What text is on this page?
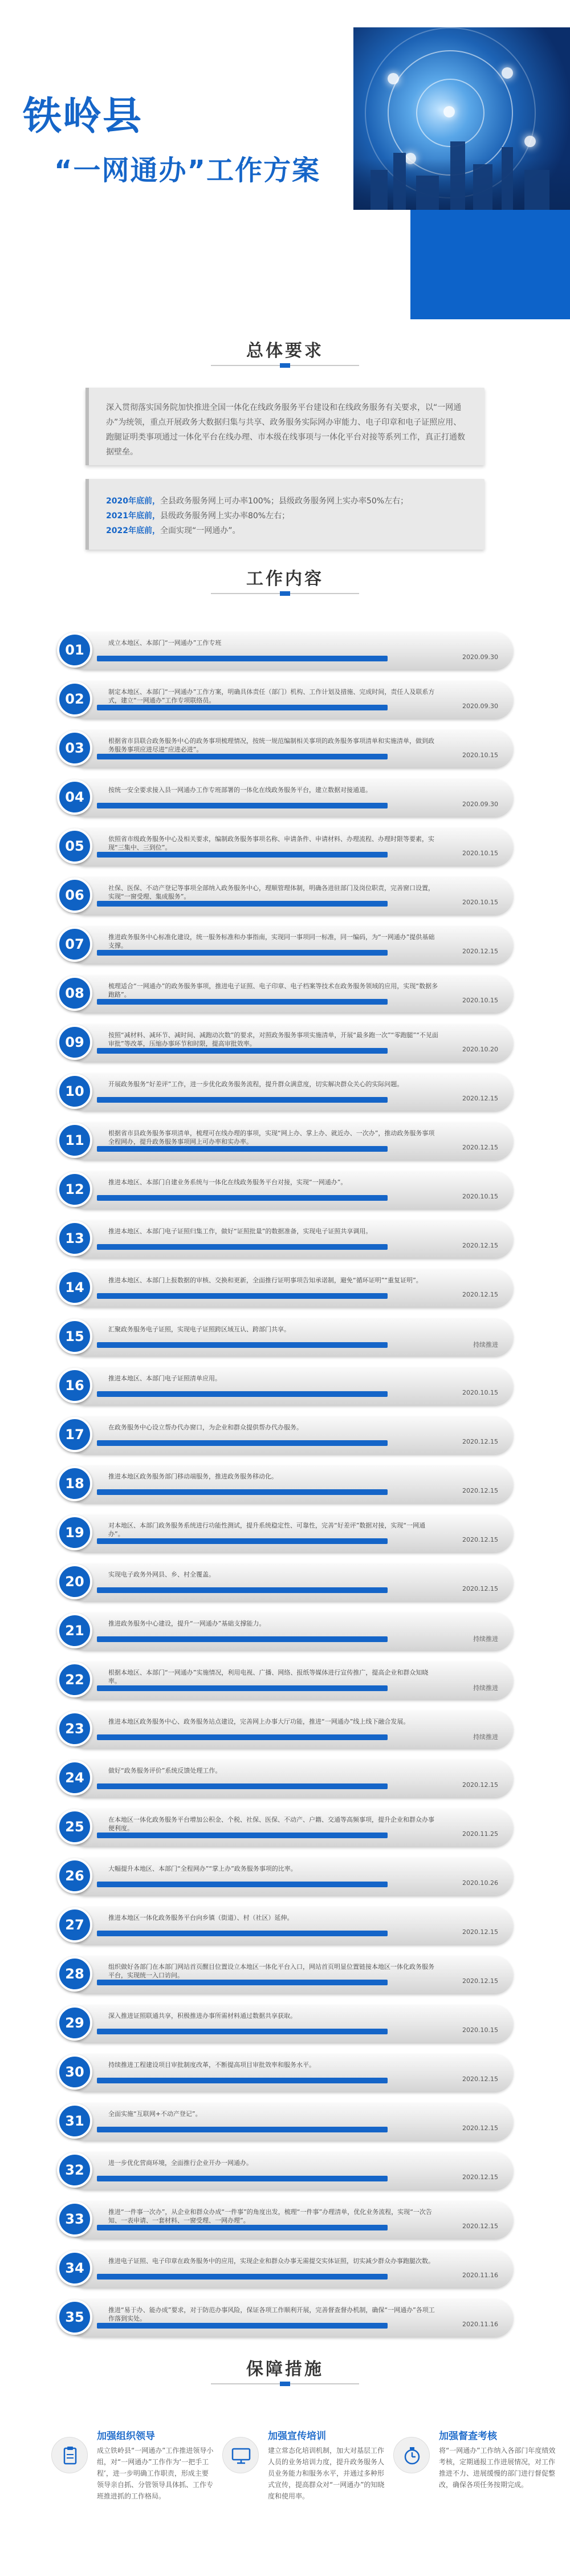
铁岭县
“一网通办”工作方案
总体要求
深入贯彻落实国务院加快推进全国一体化在线政务服务平台建设和在线政务服务有关要求，以“一网通办”为统领，重点开展政务大数据归集与共享、政务服务实际网办审能力、电子印章和电子证照应用、跑腿证明类事项通过一体化平台在线办理、市本级在线事项与一体化平台对接等系列工作，真正打通数据壁垒。
2020年底前，全县政务服务网上可办率100%；县级政务服务网上实办率50%左右；
2021年底前，县级政务服务网上实办率80%左右；
2022年底前，全面实现“一网通办”。
工作内容
01	成立本地区、本部门“一网通办”工作专班
2020.09.30
02	制定本地区、本部门“一网通办”工作方案，明确具体责任（部门）机构、工作计划及措施、完成时间，责任人及联系方式，建立“一网通办”工作专项联络员。
2020.09.30
03	根据省市县联合政务服务中心的政务事项梳理情况，按统一规范编制相关事项的政务服务事项清单和实施清单，做到政务服务事项应进尽进“应进必进”。
2020.10.15
04	按统一安全要求接入县一网通办工作专班部署的一体化在线政务服务平台，建立数据对接通道。
2020.09.30
05	依照省市级政务服务中心及相关要求，编制政务服务事项名称、申请条件、申请材料、办理流程、办理时限等要素，实现“三集中、三到位”。
2020.10.15
06	社保、医保、不动产登记等事项全部纳入政务服务中心，理顺管理体制，明确各进驻部门及岗位职责，完善窗口设置，实现“一窗受理、集成服务”。
2020.10.15
07	推进政务服务中心标准化建设，统一服务标准和办事指南，实现同一事项同一标准，同一编码，为“一网通办”提供基础支撑。
2020.12.15
08	梳理适合“一网通办”的政务服务事项，推进电子证照、电子印章、电子档案等技术在政务服务领域的应用，实现“数据多跑路”。
2020.10.15
09	按照“减材料、减环节、减时间、减跑动次数”的要求，对照政务服务事项实施清单，开展“最多跑一次”“零跑腿”“不见面审批”等改革，压缩办事环节和时限，提高审批效率。
2020.10.20
10	开展政务服务“好差评”工作，进一步优化政务服务流程，提升群众满意度，切实解决群众关心的实际问题。
2020.12.15
11	根据省市县政务服务事项清单，梳理可在线办理的事项，实现“网上办、掌上办、就近办、一次办”，推动政务服务事项全程网办，提升政务服务事项网上可办率和实办率。
2020.12.15
12	推进本地区、本部门自建业务系统与一体化在线政务服务平台对接，实现“一网通办”。
2020.10.15
13	推进本地区、本部门电子证照归集工作，做好“证照批量”的数据准备，实现电子证照共享调用。
2020.12.15
14	推进本地区、本部门上报数据的审核、交换和更新，全面推行证明事项告知承诺制，避免“循环证明”“重复证明”。
2020.12.15
15	汇聚政务服务电子证照，实现电子证照跨区域互认、跨部门共享。
持续推进
16	推进本地区、本部门电子证照清单应用。
2020.10.15
17	在政务服务中心设立帮办代办窗口，为企业和群众提供帮办代办服务。
2020.12.15
18	推进本地区政务服务部门移动端服务，推进政务服务移动化。
2020.12.15
19	对本地区、本部门政务服务系统进行功能性测试，提升系统稳定性、可靠性，完善“好差评”数据对接，实现“一网通办”。
2020.12.15
20	实现电子政务外网县、乡、村全覆盖。
2020.12.15
21	推进政务服务中心建设，提升“一网通办”基础支撑能力。
持续推进
22	根据本地区、本部门“一网通办”实施情况，利用电视、广播、网络、报纸等媒体进行宣传推广，提高企业和群众知晓率。
持续推进
23	推进本地区政务服务中心、政务服务站点建设，完善网上办事大厅功能，推进“一网通办”线上线下融合发展。
持续推进
24	做好“政务服务评价”系统反馈处理工作。
2020.12.15
25	在本地区一体化政务服务平台增加公积金、个税、社保、医保、不动产、户籍、交通等高频事项，提升企业和群众办事便利度。
2020.11.25
26	大幅提升本地区、本部门“全程网办”“掌上办”政务服务事项的比率。
2020.10.26
27	推进本地区一体化政务服务平台向乡镇（街道）、村（社区）延伸。
2020.12.15
28	组织做好各部门在本部门网站首页醒目位置设立本地区一体化平台入口，网站首页明显位置链接本地区一体化政务服务平台，实现统一入口访问。
2020.12.15
29	深入推进证照联通共享，积极推进办事所需材料通过数据共享获取。
2020.10.15
30	持续推进工程建设项目审批制度改革，不断提高项目审批效率和服务水平。
2020.12.15
31	全面实施“互联网+不动产登记”。
2020.12.15
32	进一步优化营商环境，全面推行企业开办一网通办。
2020.12.15
33	推进“一件事一次办”，从企业和群众办成“一件事”的角度出发，梳理“一件事”办理清单，优化业务流程，实现“一次告知、一表申请、一套材料、一窗受理、一网办理”。
2020.12.15
34	推进电子证照、电子印章在政务服务中的应用，实现企业和群众办事无需提交实体证照，切实减少群众办事跑腿次数。
2020.11.16
35	推进“易于办、能办成”要求，对于防范办事风险，保证各项工作顺利开展，完善督查督办机制，确保“一网通办”各项工作落到实处。
2020.11.16
保障措施
加强组织领导
成立铁岭县“一网通办”工作推进领导小组，对“一网通办”工作作为‘一把手工程’，进一步明确工作职责，形成主要领导亲自抓、分管领导具体抓、工作专班推进抓的工作格局。
加强宣传培训
建立常态化培训机制，加大对基层工作人员的业务培训力度，提升政务服务人员业务能力和服务水平，并通过多种形式宣传，提高群众对“一网通办”的知晓度和使用率。
加强督查考核
将“一网通办”工作纳入各部门年度绩效考核，定期通报工作进展情况，对工作推进不力、进展缓慢的部门进行督促整改，确保各项任务按期完成。
